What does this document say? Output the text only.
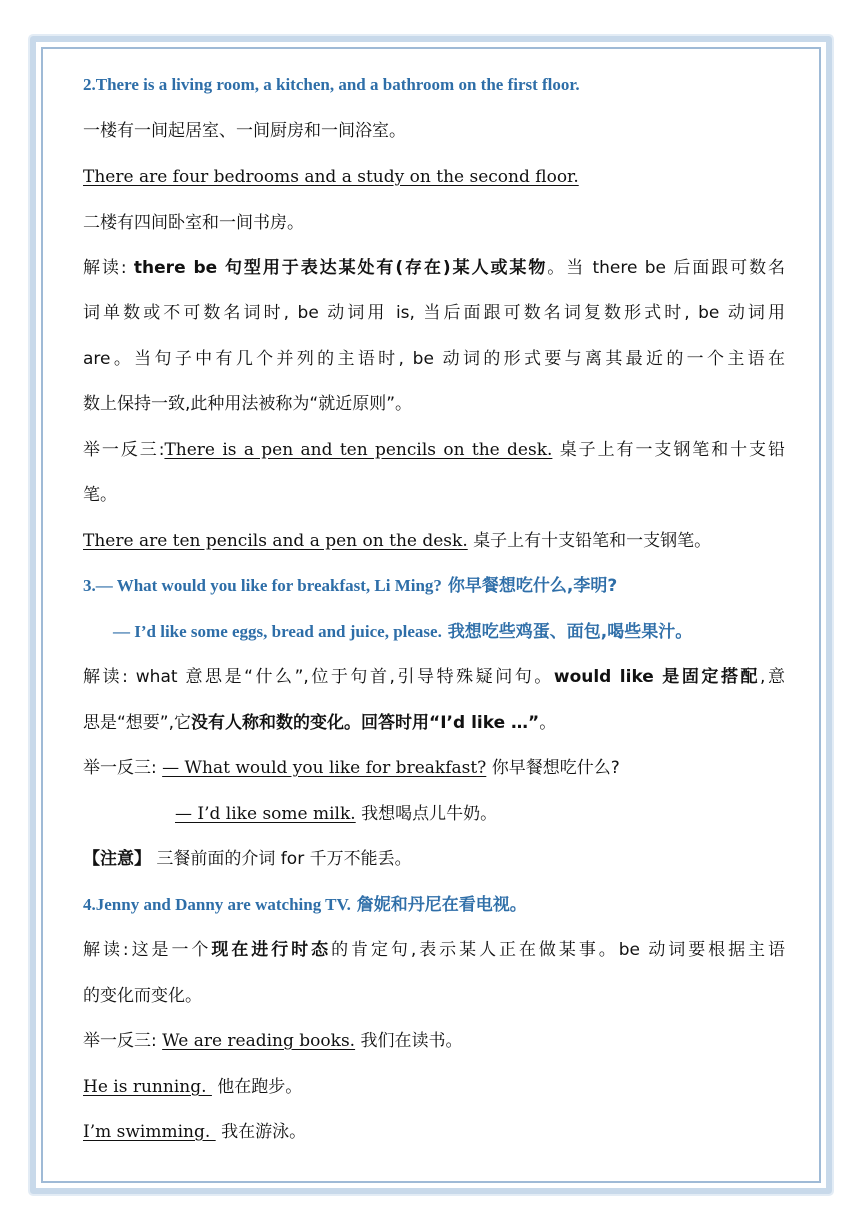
2.There is a living room, a kitchen, and a bathroom on the first floor.
一楼有一间起居室、一间厨房和一间浴室。
There are four bedrooms and a study on the second floor.
二楼有四间卧室和一间书房。
解读: there be 句型用于表达某处有(存在)某人或某物。当 there be 后面跟可数名
词单数或不可数名词时, be 动词用 is, 当后面跟可数名词复数形式时, be 动词用
are。当句子中有几个并列的主语时, be 动词的形式要与离其最近的一个主语在
数上保持一致,此种用法被称为“就近原则”。
举一反三:There is a pen and ten pencils on the desk. 桌子上有一支钢笔和十支铅
笔。
There are ten pencils and a pen on the desk. 桌子上有十支铅笔和一支钢笔。
3.— What would you like for breakfast, Li Ming? 你早餐想吃什么,李明?
— I’d like some eggs, bread and juice, please. 我想吃些鸡蛋、面包,喝些果汁。
解读: what 意思是“什么”,位于句首,引导特殊疑问句。would like 是固定搭配,意
思是“想要”,它没有人称和数的变化。回答时用“I’d like …”。
举一反三: — What would you like for breakfast? 你早餐想吃什么?
— I’d like some milk. 我想喝点儿牛奶。
【注意】 三餐前面的介词 for 千万不能丢。
4.Jenny and Danny are watching TV. 詹妮和丹尼在看电视。
解读:这是一个现在进行时态的肯定句,表示某人正在做某事。be 动词要根据主语
的变化而变化。
举一反三: We are reading books. 我们在读书。
He is running.  他在跑步。
I’m swimming.  我在游泳。
